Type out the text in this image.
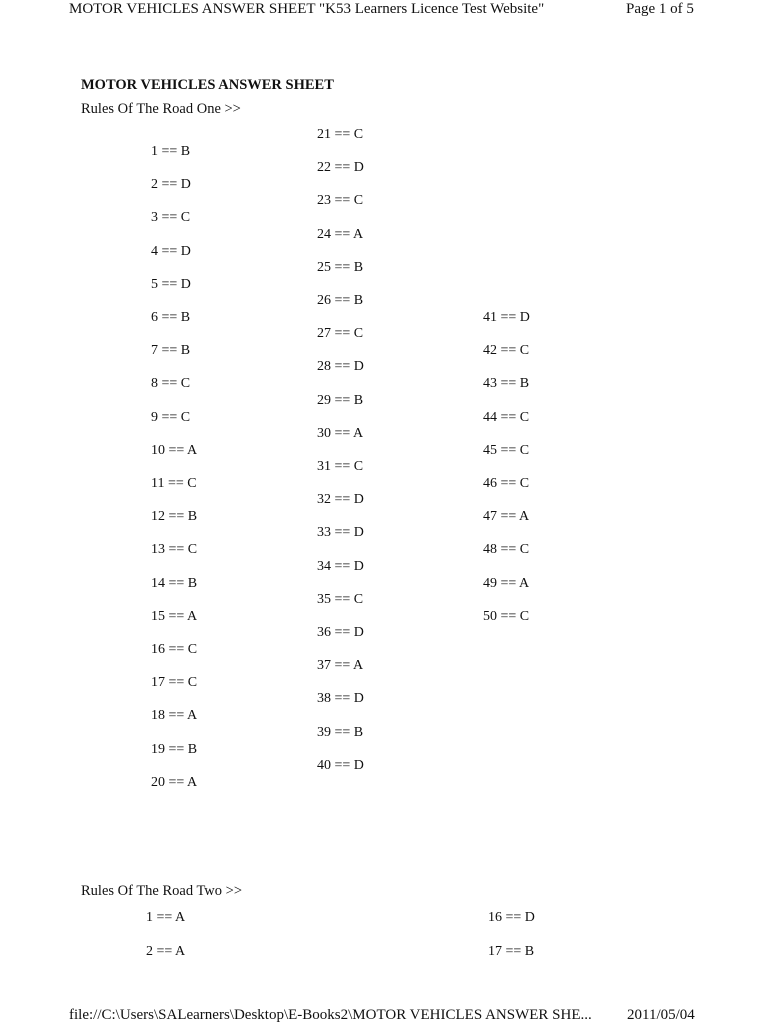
MOTOR VEHICLES ANSWER SHEET "K53 Learners Licence Test Website"	Page 1 of 5
MOTOR VEHICLES ANSWER SHEET
Rules Of The Road One >>
1 == B
2 == D
3 == C
4 == D
5 == D
6 == B
7 == B
8 == C
9 == C
10 == A
11 == C
12 == B
13 == C
14 == B
15 == A
16 == C
17 == C
18 == A
19 == B
20 == A
21 == C
22 == D
23 == C
24 == A
25 == B
26 == B
27 == C
28 == D
29 == B
30 == A
31 == C
32 == D
33 == D
34 == D
35 == C
36 == D
37 == A
38 == D
39 == B
40 == D
41 == D
42 == C
43 == B
44 == C
45 == C
46 == C
47 == A
48 == C
49 == A
50 == C
Rules Of The Road Two >>
1 == A
2 == A
16 == D
17 == B
file://C:\Users\SALearners\Desktop\E-Books2\MOTOR VEHICLES ANSWER SHE... 2011/05/04
